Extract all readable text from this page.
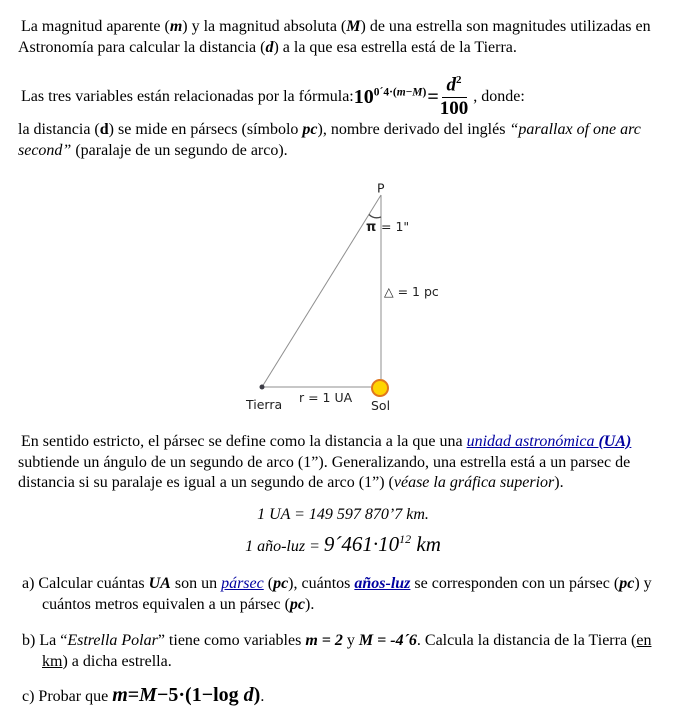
La magnitud aparente (m) y la magnitud absoluta (M) de una estrella son magnitudes utilizadas en
Astronomía para calcular la distancia (d) a la que esa estrella está de la Tierra.

Las tres variables están relacionadas por la fórmula: $10^{0´4\cdot(m-M)} = \frac{d^2}{100}$ , donde:

la distancia (d) se mide en pársecs (símbolo pc), nombre derivado del inglés “parallax of one arc
second” (paralaje de un segundo de arco).

P
π = 1"
△ = 1 pc
r = 1 UA
Tierra	Sol

En sentido estricto, el pársec se define como la distancia a la que una unidad astronómica (UA)
subtiende un ángulo de un segundo de arco (1”). Generalizando, una estrella está a un parsec de
distancia si su paralaje es igual a un segundo de arco (1”) (véase la gráfica superior).

1 UA = 149 597 870’7 km.

1 año-luz = $9´461\cdot 10^{12}$ km

a) Calcular cuántas UA son un pársec (pc), cuántos años-luz se corresponden con un pársec (pc) y
cuántos metros equivalen a un pársec (pc).

b) La “Estrella Polar” tiene como variables m = 2 y M = -4´6. Calcula la distancia de la Tierra (en
km) a dicha estrella.

c) Probar que m=M−5·(1−log d).
